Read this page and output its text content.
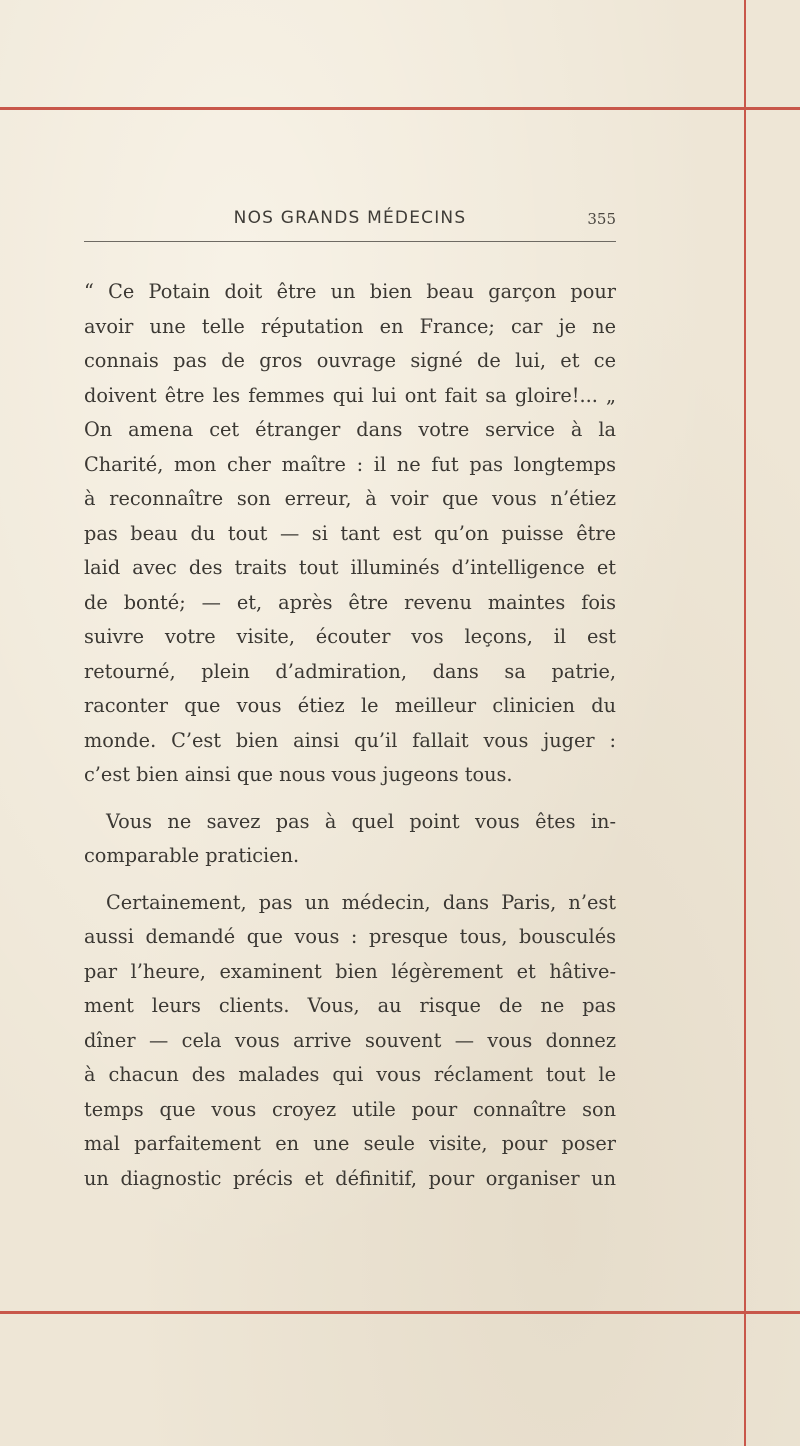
NOS GRANDS MÉDECINS	355
“ Ce Potain doit être un bien beau garçon pour
avoir une telle réputation en France; car je ne
connais pas de gros ouvrage signé de lui, et ce
doivent être les femmes qui lui ont fait sa gloire!... „
On amena cet étranger dans votre service à la
Charité, mon cher maître : il ne fut pas longtemps
à reconnaître son erreur, à voir que vous n’étiez
pas beau du tout — si tant est qu’on puisse être
laid avec des traits tout illuminés d’intelligence et
de bonté; — et, après être revenu maintes fois
suivre votre visite, écouter vos leçons, il est
retourné, plein d’admiration, dans sa patrie,
raconter que vous étiez le meilleur clinicien du
monde. C’est bien ainsi qu’il fallait vous juger :
c’est bien ainsi que nous vous jugeons tous.
Vous ne savez pas à quel point vous êtes in-
comparable praticien.
Certainement, pas un médecin, dans Paris, n’est
aussi demandé que vous : presque tous, bousculés
par l’heure, examinent bien légèrement et hâtive-
ment leurs clients. Vous, au risque de ne pas
dîner — cela vous arrive souvent — vous donnez
à chacun des malades qui vous réclament tout le
temps que vous croyez utile pour connaître son
mal parfaitement en une seule visite, pour poser
un diagnostic précis et définitif, pour organiser un
